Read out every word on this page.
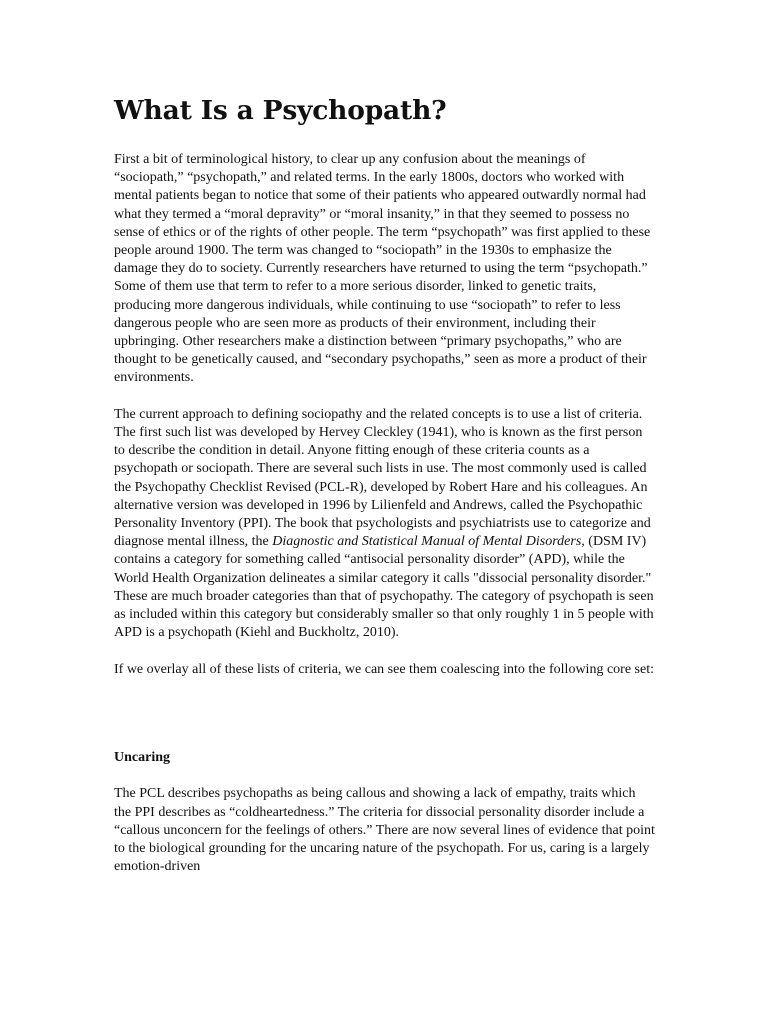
What Is a Psychopath?

First a bit of terminological history, to clear up any confusion about the meanings of “sociopath,” “psychopath,” and related terms. In the early 1800s, doctors who worked with mental patients began to notice that some of their patients who appeared outwardly normal had what they termed a “moral depravity” or “moral insanity,” in that they seemed to possess no sense of ethics or of the rights of other people. The term “psychopath” was first applied to these people around 1900. The term was changed to “sociopath” in the 1930s to emphasize the damage they do to society. Currently researchers have returned to using the term “psychopath.” Some of them use that term to refer to a more serious disorder, linked to genetic traits, producing more dangerous individuals, while continuing to use “sociopath” to refer to less dangerous people who are seen more as products of their environment, including their upbringing. Other researchers make a distinction between “primary psychopaths,” who are thought to be genetically caused, and “secondary psychopaths,” seen as more a product of their environments.

The current approach to defining sociopathy and the related concepts is to use a list of criteria. The first such list was developed by Hervey Cleckley (1941), who is known as the first person to describe the condition in detail. Anyone fitting enough of these criteria counts as a psychopath or sociopath. There are several such lists in use. The most commonly used is called the Psychopathy Checklist Revised (PCL-R), developed by Robert Hare and his colleagues. An alternative version was developed in 1996 by Lilienfeld and Andrews, called the Psychopathic Personality Inventory (PPI). The book that psychologists and psychiatrists use to categorize and diagnose mental illness, the Diagnostic and Statistical Manual of Mental Disorders, (DSM IV) contains a category for something called “antisocial personality disorder” (APD), while the World Health Organization delineates a similar category it calls "dissocial personality disorder." These are much broader categories than that of psychopathy. The category of psychopath is seen as included within this category but considerably smaller so that only roughly 1 in 5 people with APD is a psychopath (Kiehl and Buckholtz, 2010).

If we overlay all of these lists of criteria, we can see them coalescing into the following core set:

Uncaring

The PCL describes psychopaths as being callous and showing a lack of empathy, traits which the PPI describes as “coldheartedness.” The criteria for dissocial personality disorder include a “callous unconcern for the feelings of others.” There are now several lines of evidence that point to the biological grounding for the uncaring nature of the psychopath. For us, caring is a largely emotion-driven
